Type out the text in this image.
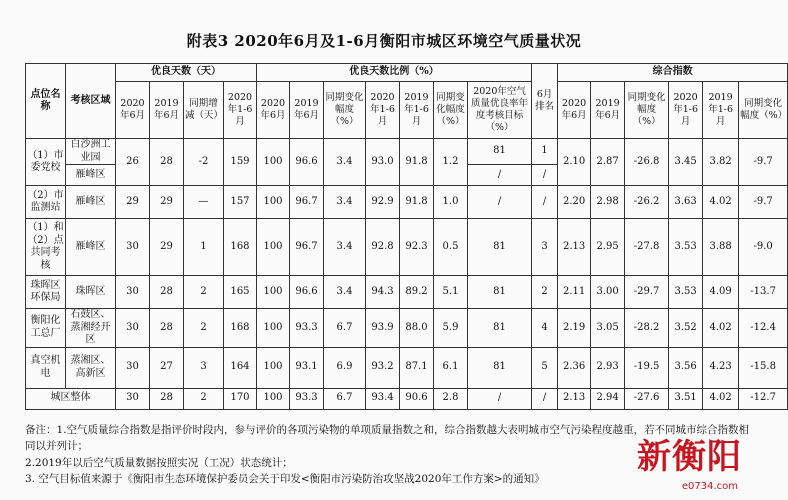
附表3 2020年6月及1-6月衡阳市城区环境空气质量状况
点位名称	考核区域	优良天数（天）				优良天数比例（%）							6月排名	综合指数					
		2020年6月	2019年6月	同期增减（天）	2020年1-6月	2020年6月	2019年6月	同期变化幅度（%）	2020年1-6月	2019年1-6月	同期变化幅度（%）	2020年空气质量优良率年度考核目标（%）		2020年6月	2019年6月	同期变化幅度（%）	2020年1-6月	2019年1-6月	同期变化幅度（%）
（1）市委党校	白沙洲工业园	26	28	-2	159	100	96.6	3.4	93.0	91.8	1.2	81	1	2.10	2.87	-26.8	3.45	3.82	-9.7
	雁峰区											/	/						
（2）市监测站	雁峰区	29	29	—	157	100	96.7	3.4	92.9	91.8	1.0	/	/	2.20	2.98	-26.2	3.63	4.02	-9.7
（1）和（2）点共同考核	雁峰区	30	29	1	168	100	96.7	3.4	92.8	92.3	0.5	81	3	2.13	2.95	-27.8	3.53	3.88	-9.0
珠晖区环保局	珠晖区	30	28	2	165	100	96.6	3.4	94.3	89.2	5.1	81	2	2.11	3.00	-29.7	3.53	4.09	-13.7
衡阳化工总厂	石鼓区、蒸湘经开区	30	28	2	168	100	93.3	6.7	93.9	88.0	5.9	81	4	2.19	3.05	-28.2	3.52	4.02	-12.4
真空机电	蒸湘区、高新区	30	27	3	164	100	93.1	6.9	93.2	87.1	6.1	81	5	2.36	2.93	-19.5	3.56	4.23	-15.8
城区整体		30	28	2	170	100	93.3	6.7	93.4	90.6	2.8	/	/	2.13	2.94	-27.6	3.51	4.02	-12.7

备注：1.空气质量综合指数是指评价时段内，参与评价的各项污染物的单项质量指数之和，综合指数越大表明城市空气污染程度越重，若不同城市综合指数相同以并列计；

2.2019年以后空气质量数据按照实况（工况）状态统计；

3. 空气目标值来源于《衡阳市生态环境保护委员会关于印发<衡阳市污染防治攻坚战2020年工作方案>的通知》

新衡阳
e0734.com
